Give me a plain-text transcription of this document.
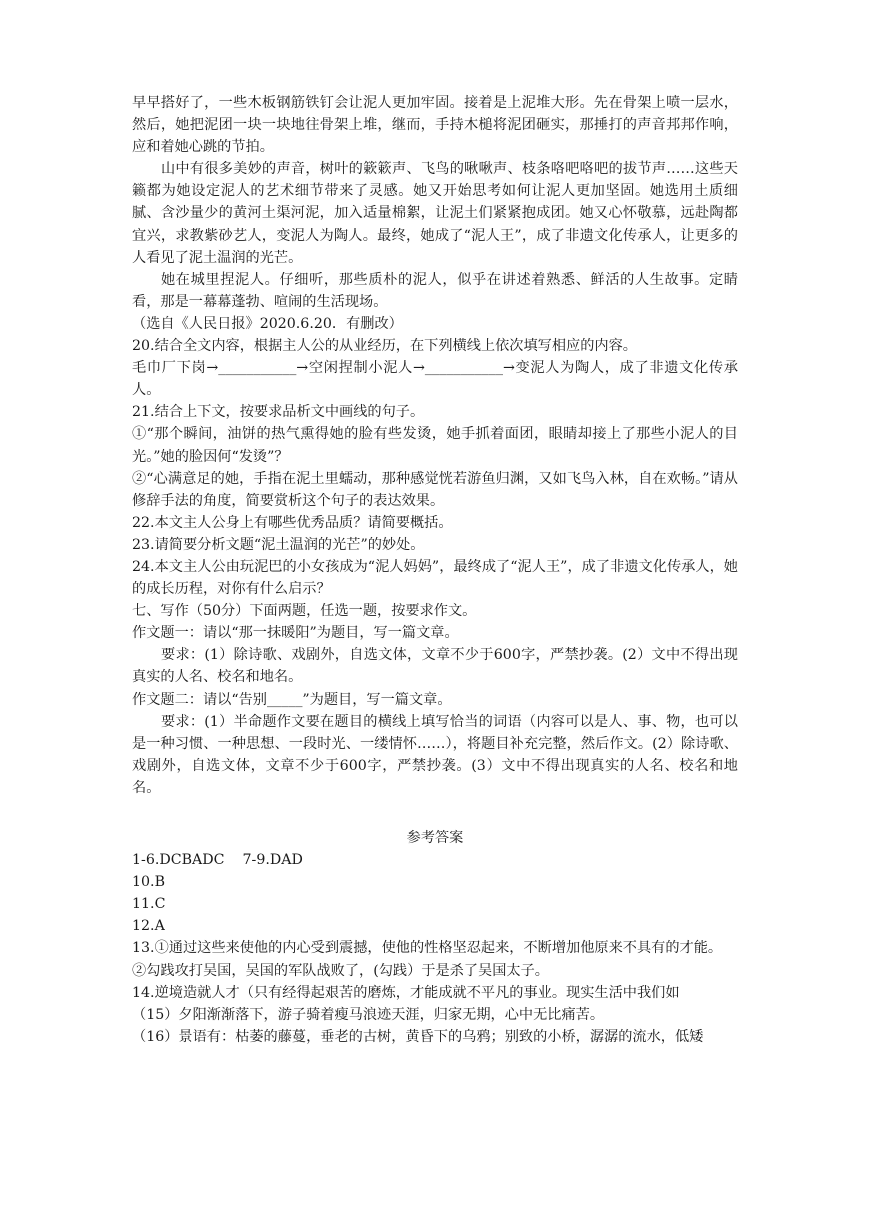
早早搭好了，一些木板钢筋铁钉会让泥人更加牢固。接着是上泥堆大形。先在骨架上喷一层水，然后，她把泥团一块一块地往骨架上堆，继而，手持木槌将泥团砸实，那捶打的声音邦邦作响，应和着她心跳的节拍。

山中有很多美妙的声音，树叶的簌簌声、飞鸟的啾啾声、枝条咯吧咯吧的拔节声……这些天籁都为她设定泥人的艺术细节带来了灵感。她又开始思考如何让泥人更加坚固。她选用土质细腻、含沙量少的黄河土渠河泥，加入适量棉絮，让泥土们紧紧抱成团。她又心怀敬慕，远赴陶都宜兴，求教紫砂艺人，变泥人为陶人。最终，她成了“泥人王”，成了非遗文化传承人，让更多的人看见了泥土温润的光芒。

她在城里捏泥人。仔细听，那些质朴的泥人，似乎在讲述着熟悉、鲜活的人生故事。定睛看，那是一幕幕蓬勃、喧闹的生活现场。

（选自《人民日报》2020.6.20．有删改）

20.结合全文内容，根据主人公的从业经历，在下列横线上依次填写相应的内容。

毛巾厂下岗→___________→空闲捏制小泥人→___________→变泥人为陶人，成了非遗文化传承人。

21.结合上下文，按要求品析文中画线的句子。

①“那个瞬间，油饼的热气熏得她的脸有些发烫，她手抓着面团，眼睛却接上了那些小泥人的目光。”她的脸因何“发烫”？

②“心满意足的她，手指在泥土里蠕动，那种感觉恍若游鱼归渊，又如飞鸟入林，自在欢畅。”请从修辞手法的角度，简要赏析这个句子的表达效果。

22.本文主人公身上有哪些优秀品质？请简要概括。

23.请简要分析文题“泥土温润的光芒”的妙处。

24.本文主人公由玩泥巴的小女孩成为“泥人妈妈”，最终成了“泥人王”，成了非遗文化传承人，她的成长历程，对你有什么启示？

七、写作（50分）下面两题，任选一题，按要求作文。

作文题一：请以“那一抹暖阳”为题目，写一篇文章。

要求：(1）除诗歌、戏剧外，自选文体，文章不少于600字，严禁抄袭。(2）文中不得出现真实的人名、校名和地名。

作文题二：请以“告别_____”为题目，写一篇文章。

要求：(1）半命题作文要在题目的横线上填写恰当的词语（内容可以是人、事、物，也可以是一种习惯、一种思想、一段时光、一缕情怀……），将题目补充完整，然后作文。(2）除诗歌、戏剧外，自选文体，文章不少于600字，严禁抄袭。(3）文中不得出现真实的人名、校名和地名。

参考答案

1-6.DCBADC    7-9.DAD

10.B

11.C

12.A

13.①通过这些来使他的内心受到震撼，使他的性格坚忍起来，不断增加他原来不具有的才能。

②勾践攻打吴国，吴国的军队战败了，(勾践）于是杀了吴国太子。

14.逆境造就人才（只有经得起艰苦的磨炼，才能成就不平凡的事业。现实生活中我们如

（15）夕阳渐渐落下，游子骑着瘦马浪迹天涯，归家无期，心中无比痛苦。

（16）景语有：枯萎的藤蔓，垂老的古树，黄昏下的乌鸦；别致的小桥，潺潺的流水，低矮
